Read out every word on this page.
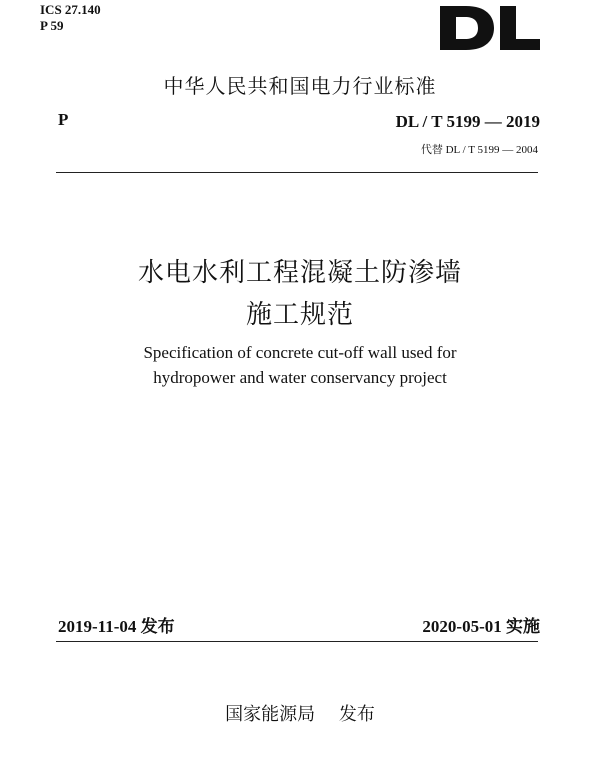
ICS 27.140
P 59
中华人民共和国电力行业标准
P	DL / T 5199 — 2019
代替 DL / T 5199 — 2004
水电水利工程混凝土防渗墙
施工规范
Specification of concrete cut-off wall used for
hydropower and water conservancy project
2019-11-04 发布	2020-05-01 实施
国家能源局　 发布
